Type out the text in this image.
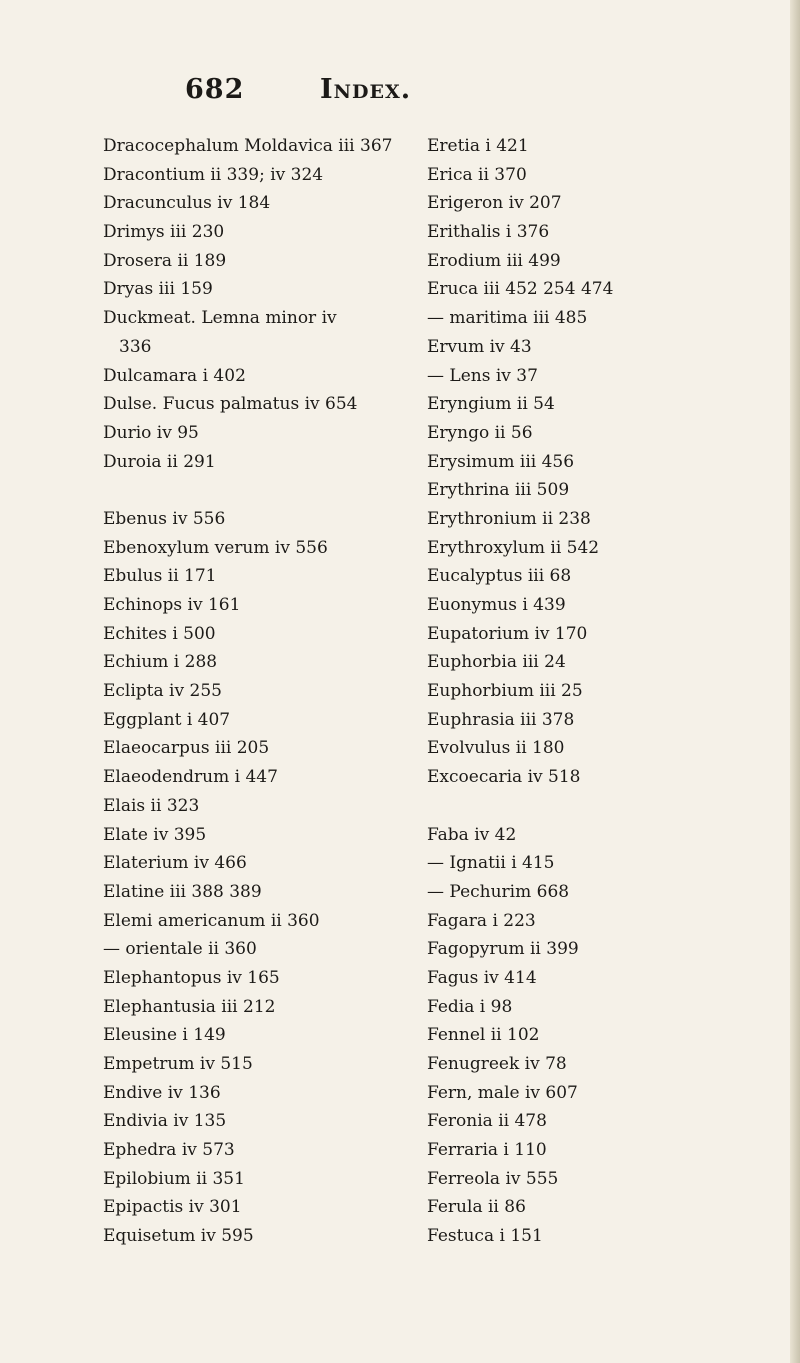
682	Index.
Dracocephalum Moldavica iii 367
Dracontium ii 339; iv 324
Dracunculus iv 184
Drimys iii 230
Drosera ii 189
Dryas iii 159
Duckmeat. Lemna minor iv
336
Dulcamara i 402
Dulse. Fucus palmatus iv 654
Durio iv 95
Duroia ii 291
Ebenus iv 556
Ebenoxylum verum iv 556
Ebulus ii 171
Echinops iv 161
Echites i 500
Echium i 288
Eclipta iv 255
Eggplant i 407
Elaeocarpus iii 205
Elaeodendrum i 447
Elais ii 323
Elate iv 395
Elaterium iv 466
Elatine iii 388 389
Elemi americanum ii 360
— orientale ii 360
Elephantopus iv 165
Elephantusia iii 212
Eleusine i 149
Empetrum iv 515
Endive iv 136
Endivia iv 135
Ephedra iv 573
Epilobium ii 351
Epipactis iv 301
Equisetum iv 595
Eretia i 421
Erica ii 370
Erigeron iv 207
Erithalis i 376
Erodium iii 499
Eruca iii 452 254 474
— maritima iii 485
Ervum iv 43
— Lens iv 37
Eryngium ii 54
Eryngo ii 56
Erysimum iii 456
Erythrina iii 509
Erythronium ii 238
Erythroxylum ii 542
Eucalyptus iii 68
Euonymus i 439
Eupatorium iv 170
Euphorbia iii 24
Euphorbium iii 25
Euphrasia iii 378
Evolvulus ii 180
Excoecaria iv 518
Faba iv 42
— Ignatii i 415
— Pechurim 668
Fagara i 223
Fagopyrum ii 399
Fagus iv 414
Fedia i 98
Fennel ii 102
Fenugreek iv 78
Fern, male iv 607
Feronia ii 478
Ferraria i 110
Ferreola iv 555
Ferula ii 86
Festuca i 151
